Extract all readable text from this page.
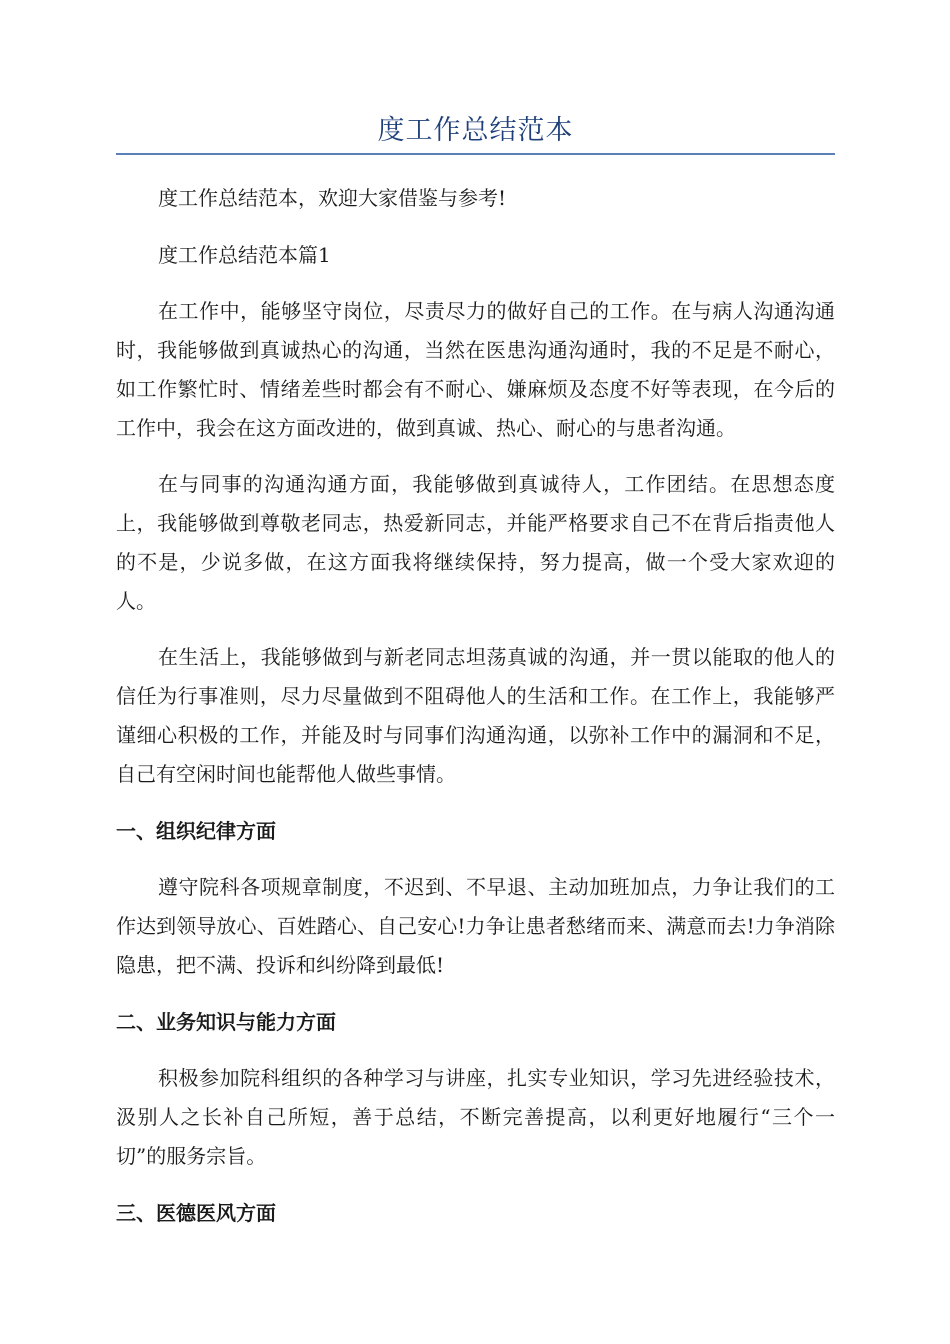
度工作总结范本

度工作总结范本，欢迎大家借鉴与参考!

度工作总结范本篇1

在工作中，能够坚守岗位，尽责尽力的做好自己的工作。在与病人沟通沟通时，我能够做到真诚热心的沟通，当然在医患沟通沟通时，我的不足是不耐心，如工作繁忙时、情绪差些时都会有不耐心、嫌麻烦及态度不好等表现，在今后的工作中，我会在这方面改进的，做到真诚、热心、耐心的与患者沟通。

在与同事的沟通沟通方面，我能够做到真诚待人，工作团结。在思想态度上，我能够做到尊敬老同志，热爱新同志，并能严格要求自己不在背后指责他人的不是，少说多做，在这方面我将继续保持，努力提高，做一个受大家欢迎的人。

在生活上，我能够做到与新老同志坦荡真诚的沟通，并一贯以能取的他人的信任为行事准则，尽力尽量做到不阻碍他人的生活和工作。在工作上，我能够严谨细心积极的工作，并能及时与同事们沟通沟通，以弥补工作中的漏洞和不足，自己有空闲时间也能帮他人做些事情。

一、组织纪律方面

遵守院科各项规章制度，不迟到、不早退、主动加班加点，力争让我们的工作达到领导放心、百姓踏心、自己安心!力争让患者愁绪而来、满意而去!力争消除隐患，把不满、投诉和纠纷降到最低!

二、业务知识与能力方面

积极参加院科组织的各种学习与讲座，扎实专业知识，学习先进经验技术，汲别人之长补自己所短，善于总结，不断完善提高，以利更好地履行“三个一切”的服务宗旨。

三、医德医风方面
